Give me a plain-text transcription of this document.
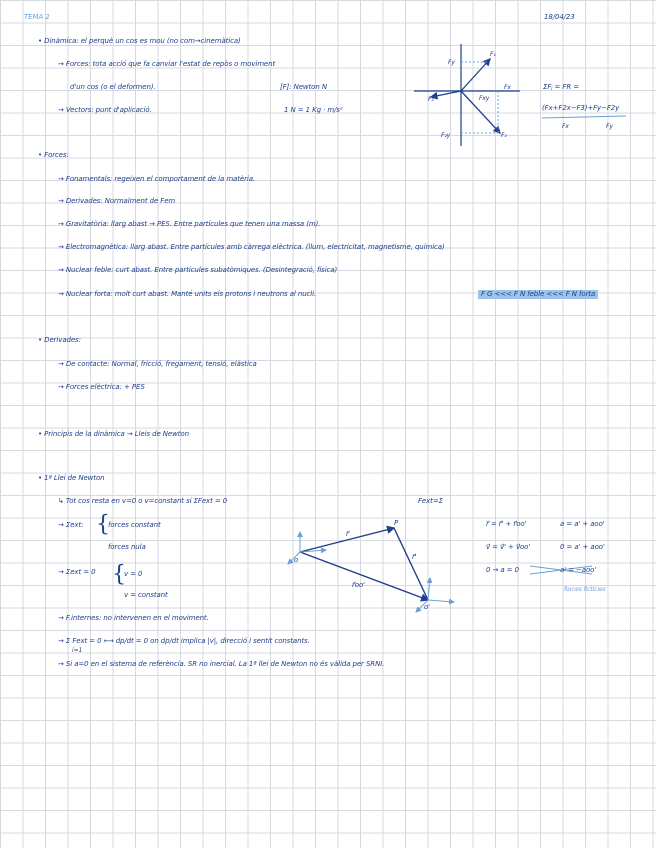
TEMA 2	18/04/23
• Dinàmica: el perquè un cos es mou (no com→cinemàtica)
→ Forces: tota acció que fa canviar l'estat de repòs o moviment
d'un cos (o el deformen).	[F]: Newton N
→ Vectors: punt d'aplicació.	1 N = 1 Kg · m/s²
Fy
F₁
Fx
F₃	Fxy
F₂y	F₂
ΣFⱼ = FR =
(Fx+F2x−F3)+Fy−F2y
Fx	Fy
• Forces:
→ Fonamentals: regeixen el comportament de la matèria.
→ Derivades: Normalment de Fem
→ Gravitatòria: llarg abast → PES. Entre partícules que tenen una massa (m).
→ Electromagnètica: llarg abast. Entre partícules amb càrrega elèctrica. (llum, electricitat, magnetisme, química)
→ Nuclear feble: curt abast. Entre partícules subatòmiques. (Desintegració, física)
→ Nuclear forta: molt curt abast. Manté units els protons i neutrons al nucli.	F G <<< F N feble <<< F N forta
• Derivades:
→ De contacte: Normal, fricció, fregament, tensió, elàstica
→ Forces elèctrica: + PES
• Principis de la dinàmica → Lleis de Newton
• 1ª Llei de Newton
↳ Tot cos resta en v=0 o v=constant si ΣFext = 0	Fext=Σ
→ Σext: {
forces constant
forces nula
→ Σext = 0 {
v = 0
v = constant
→ F.internes: no intervenen en el moviment.
→ Σ Fext = 0 ⟷ dp/dt = 0 on dp/dt implica |v|, direcció i sentit constants.
i=1
→ Si a=0 en el sistema de referència. SR no inercial. La 1ª llei de Newton no és vàlida per SRNI.
o
o'
P
r⃗
r⃗'
r⃗oo'
r⃗ = r⃗' + r⃗oo'
v⃗ = v⃗' + v⃗oo'
0 → a = 0
a = a' + aoo'
0 = a' + aoo'
a' = −aoo'
forces fictícies
